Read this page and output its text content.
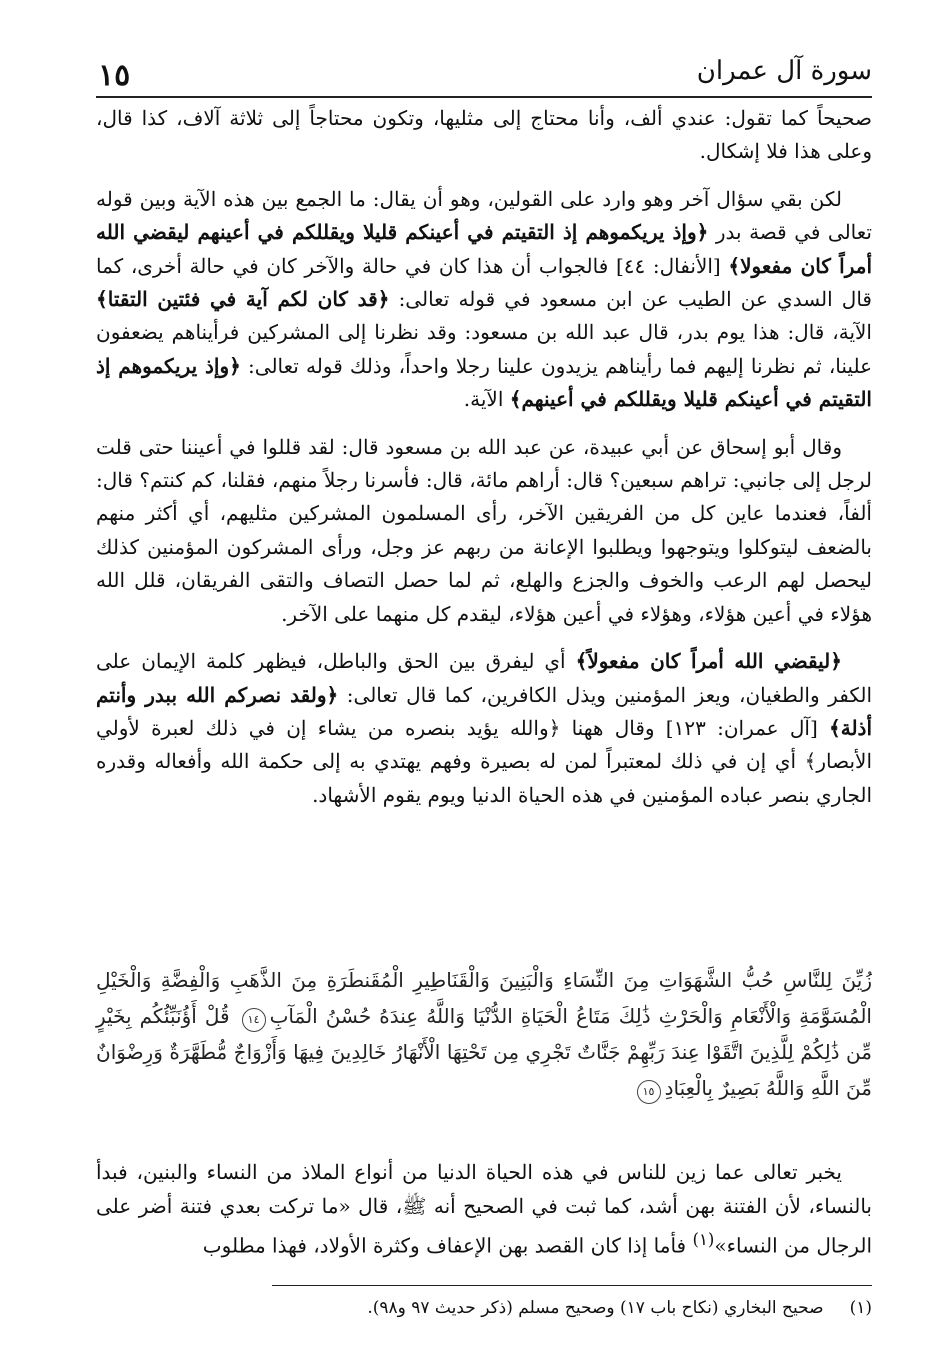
١٥	سورة آل عمران

صحيحاً كما تقول: عندي ألف، وأنا محتاج إلى مثليها، وتكون محتاجاً إلى ثلاثة آلاف، كذا قال، وعلى هذا فلا إشكال.

لكن بقي سؤال آخر وهو وارد على القولين، وهو أن يقال: ما الجمع بين هذه الآية وبين قوله تعالى في قصة بدر ﴿وإذ يريكموهم إذ التقيتم في أعينكم قليلا ويقللكم في أعينهم ليقضي الله أمراً كان مفعولا﴾ [الأنفال: ٤٤] فالجواب أن هذا كان في حالة والآخر كان في حالة أخرى، كما قال السدي عن الطيب عن ابن مسعود في قوله تعالى: ﴿قد كان لكم آية في فئتين التقتا﴾ الآية، قال: هذا يوم بدر، قال عبد الله بن مسعود: وقد نظرنا إلى المشركين فرأيناهم يضعفون علينا، ثم نظرنا إليهم فما رأيناهم يزيدون علينا رجلا واحداً، وذلك قوله تعالى: ﴿وإذ يريكموهم إذ التقيتم في أعينكم قليلا ويقللكم في أعينهم﴾ الآية.

وقال أبو إسحاق عن أبي عبيدة، عن عبد الله بن مسعود قال: لقد قللوا في أعيننا حتى قلت لرجل إلى جانبي: تراهم سبعين؟ قال: أراهم مائة، قال: فأسرنا رجلاً منهم، فقلنا، كم كنتم؟ قال: ألفاً، فعندما عاين كل من الفريقين الآخر، رأى المسلمون المشركين مثليهم، أي أكثر منهم بالضعف ليتوكلوا ويتوجهوا ويطلبوا الإعانة من ربهم عز وجل، ورأى المشركون المؤمنين كذلك ليحصل لهم الرعب والخوف والجزع والهلع، ثم لما حصل التصاف والتقى الفريقان، قلل الله هؤلاء في أعين هؤلاء، وهؤلاء في أعين هؤلاء، ليقدم كل منهما على الآخر.

﴿ليقضي الله أمراً كان مفعولاً﴾ أي ليفرق بين الحق والباطل، فيظهر كلمة الإيمان على الكفر والطغيان، ويعز المؤمنين ويذل الكافرين، كما قال تعالى: ﴿ولقد نصركم الله ببدر وأنتم أذلة﴾ [آل عمران: ١٢٣] وقال ههنا ﴿والله يؤيد بنصره من يشاء إن في ذلك لعبرة لأولي الأبصار﴾ أي إن في ذلك لمعتبراً لمن له بصيرة وفهم يهتدي به إلى حكمة الله وأفعاله وقدره الجاري بنصر عباده المؤمنين في هذه الحياة الدنيا ويوم يقوم الأشهاد.

زُيِّنَ لِلنَّاسِ حُبُّ الشَّهَوَاتِ مِنَ النِّسَاءِ وَالْبَنِينَ وَالْقَنَاطِيرِ الْمُقَنطَرَةِ مِنَ الذَّهَبِ وَالْفِضَّةِ وَالْخَيْلِ الْمُسَوَّمَةِ وَالْأَنْعَامِ وَالْحَرْثِ ذَٰلِكَ مَتَاعُ الْحَيَاةِ الدُّنْيَا وَاللَّهُ عِندَهُ حُسْنُ الْمَآبِ١٤ قُلْ أَؤُنَبِّئُكُم بِخَيْرٍ مِّن ذَٰلِكُمْ لِلَّذِينَ اتَّقَوْا عِندَ رَبِّهِمْ جَنَّاتٌ تَجْرِي مِن تَحْتِهَا الْأَنْهَارُ خَالِدِينَ فِيهَا وَأَزْوَاجٌ مُّطَهَّرَةٌ وَرِضْوَانٌ مِّنَ اللَّهِ وَاللَّهُ بَصِيرٌ بِالْعِبَادِ١٥

يخبر تعالى عما زين للناس في هذه الحياة الدنيا من أنواع الملاذ من النساء والبنين، فبدأ بالنساء، لأن الفتنة بهن أشد، كما ثبت في الصحيح أنه ﷺ، قال «ما تركت بعدي فتنة أضر على الرجال من النساء»$^{(١)}$ فأما إذا كان القصد بهن الإعفاف وكثرة الأولاد، فهذا مطلوب

(١)صحيح البخاري (نكاح باب ١٧) وصحيح مسلم (ذكر حديث ٩٧ و٩٨).
